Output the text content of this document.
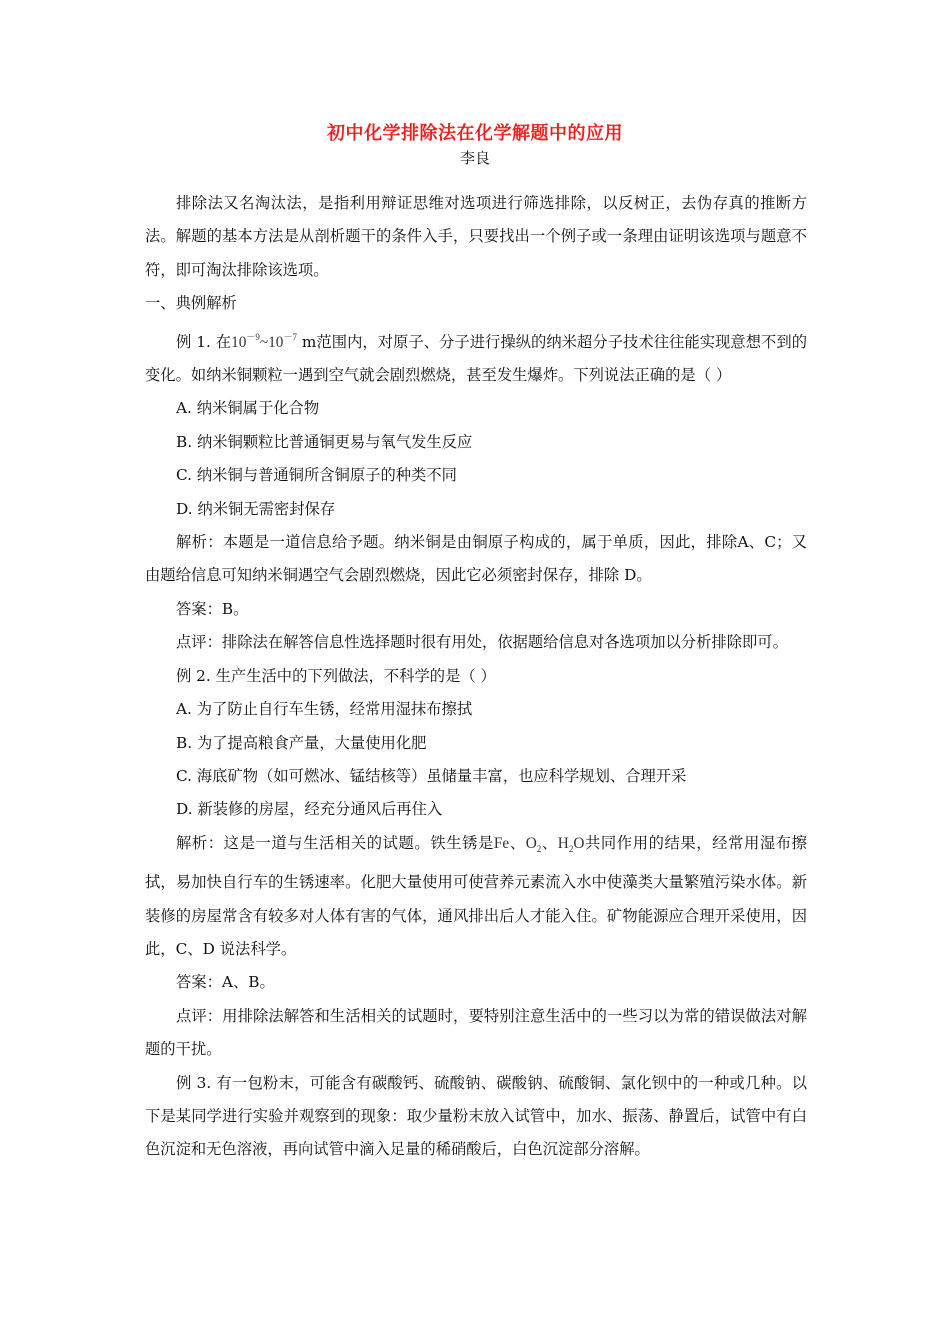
初中化学排除法在化学解题中的应用
李良

排除法又名淘汰法，是指利用辩证思维对选项进行筛选排除，以反树正，去伪存真的推断方法。解题的基本方法是从剖析题干的条件入手，只要找出一个例子或一条理由证明该选项与题意不符，即可淘汰排除该选项。

一、典例解析

例 1. 在$10^{-9}\sim 10^{-7}$ m范围内，对原子、分子进行操纵的纳米超分子技术往往能实现意想不到的变化。如纳米铜颗粒一遇到空气就会剧烈燃烧，甚至发生爆炸。下列说法正确的是（ ）

A. 纳米铜属于化合物

B. 纳米铜颗粒比普通铜更易与氧气发生反应

C. 纳米铜与普通铜所含铜原子的种类不同

D. 纳米铜无需密封保存

解析：本题是一道信息给予题。纳米铜是由铜原子构成的，属于单质，因此，排除A、C；又由题给信息可知纳米铜遇空气会剧烈燃烧，因此它必须密封保存，排除 D。

答案：B。

点评：排除法在解答信息性选择题时很有用处，依据题给信息对各选项加以分析排除即可。

例 2. 生产生活中的下列做法，不科学的是（ ）

A. 为了防止自行车生锈，经常用湿抹布擦拭

B. 为了提高粮食产量，大量使用化肥

C. 海底矿物（如可燃冰、锰结核等）虽储量丰富，也应科学规划、合理开采

D. 新装修的房屋，经充分通风后再住入

解析：这是一道与生活相关的试题。铁生锈是Fe、$O_2$、$H_2O$共同作用的结果，经常用湿布擦拭，易加快自行车的生锈速率。化肥大量使用可使营养元素流入水中使藻类大量繁殖污染水体。新装修的房屋常含有较多对人体有害的气体，通风排出后人才能入住。矿物能源应合理开采使用，因此，C、D 说法科学。

答案：A、B。

点评：用排除法解答和生活相关的试题时，要特别注意生活中的一些习以为常的错误做法对解题的干扰。

例 3. 有一包粉末，可能含有碳酸钙、硫酸钠、碳酸钠、硫酸铜、氯化钡中的一种或几种。以下是某同学进行实验并观察到的现象：取少量粉末放入试管中，加水、振荡、静置后，试管中有白色沉淀和无色溶液，再向试管中滴入足量的稀硝酸后，白色沉淀部分溶解。
